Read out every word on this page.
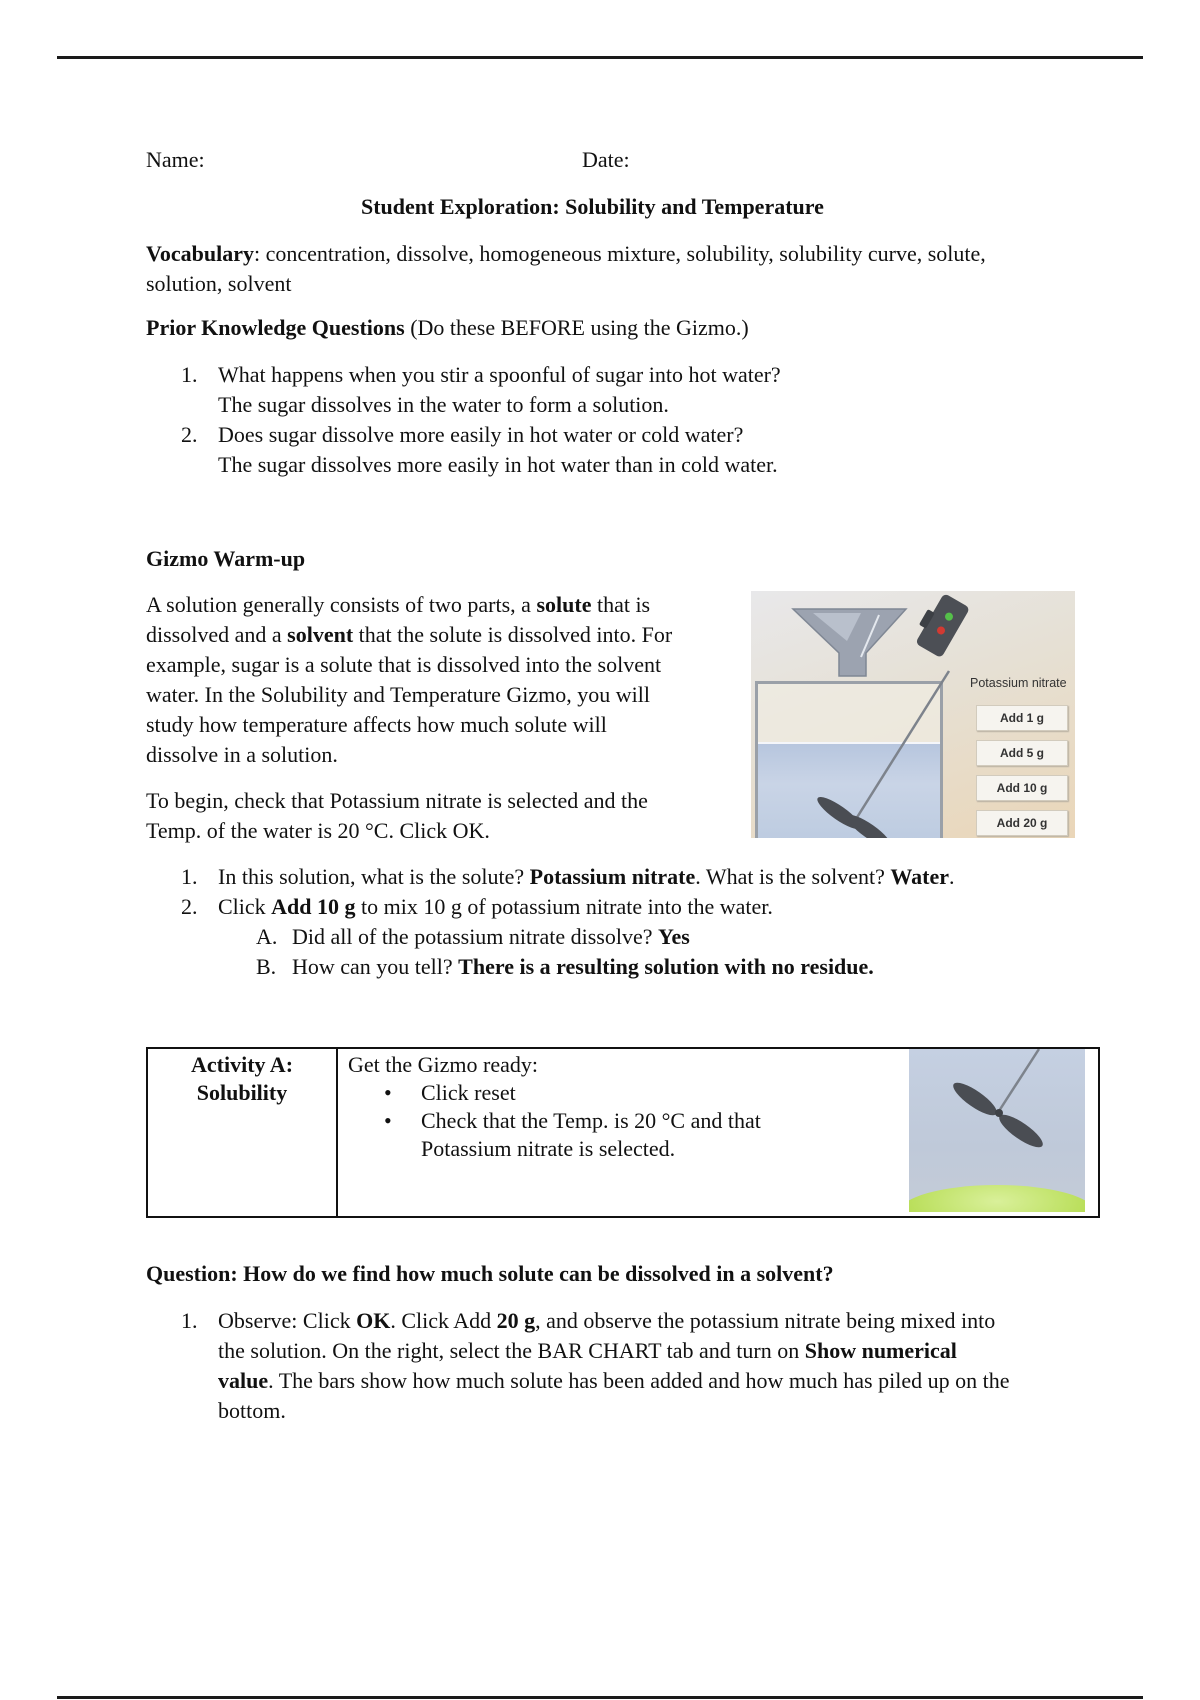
Name:	Date:
Student Exploration: Solubility and Temperature
Vocabulary: concentration, dissolve, homogeneous mixture, solubility, solubility curve, solute,
solution, solvent
Prior Knowledge Questions (Do these BEFORE using the Gizmo.)
1. What happens when you stir a spoonful of sugar into hot water?
The sugar dissolves in the water to form a solution.
2. Does sugar dissolve more easily in hot water or cold water?
The sugar dissolves more easily in hot water than in cold water.
Gizmo Warm-up
A solution generally consists of two parts, a solute that is
dissolved and a solvent that the solute is dissolved into. For
example, sugar is a solute that is dissolved into the solvent
water. In the Solubility and Temperature Gizmo, you will
study how temperature affects how much solute will
dissolve in a solution.
To begin, check that Potassium nitrate is selected and the
Temp. of the water is 20 °C. Click OK.
Potassium nitrate
Add 1 g
Add 5 g
Add 10 g
Add 20 g
1. In this solution, what is the solute? Potassium nitrate. What is the solvent? Water.
2. Click Add 10 g to mix 10 g of potassium nitrate into the water.
A. Did all of the potassium nitrate dissolve? Yes
B. How can you tell? There is a resulting solution with no residue.
Activity A:
Solubility
Get the Gizmo ready:
• Click reset
• Check that the Temp. is 20 °C and that
Potassium nitrate is selected.
Question: How do we find how much solute can be dissolved in a solvent?
1. Observe: Click OK. Click Add 20 g, and observe the potassium nitrate being mixed into
the solution. On the right, select the BAR CHART tab and turn on Show numerical
value. The bars show how much solute has been added and how much has piled up on the
bottom.
